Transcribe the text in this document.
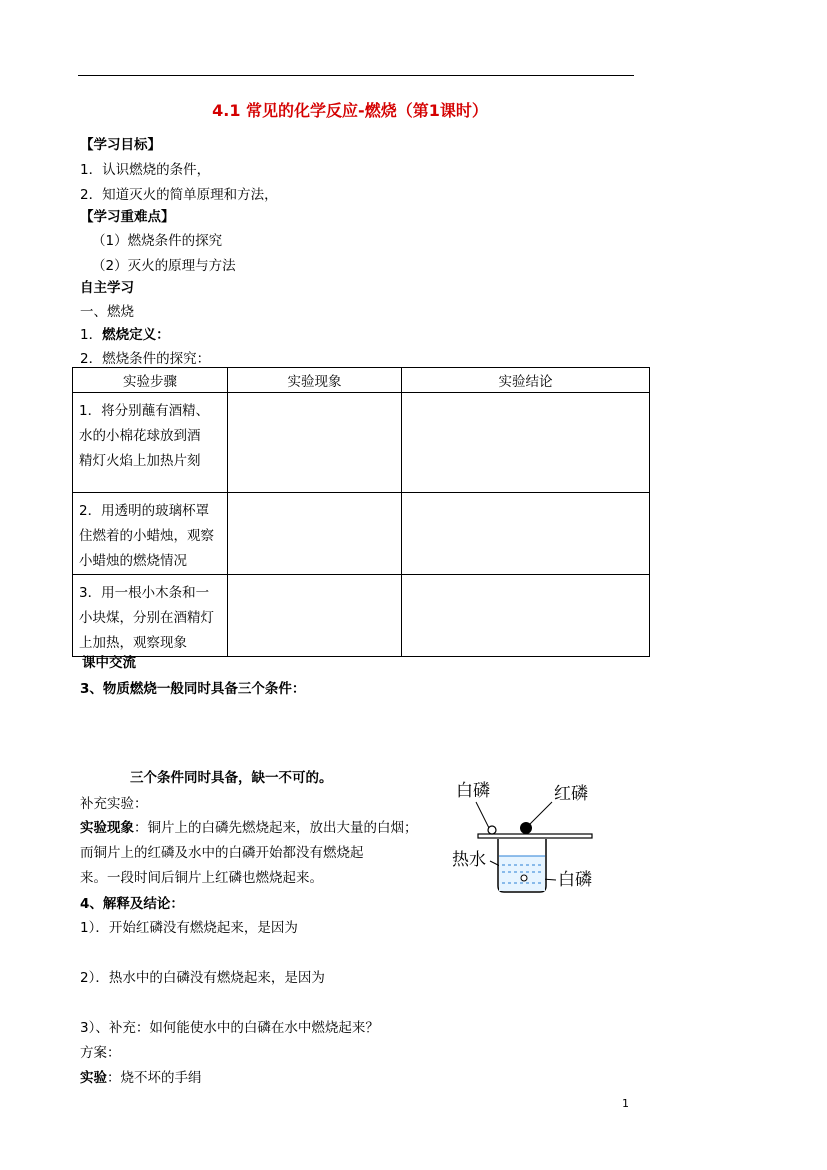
4.1 常见的化学反应-燃烧（第1课时）
【学习目标】
1．认识燃烧的条件，
2．知道灭火的简单原理和方法，
【学习重难点】
（1）燃烧条件的探究
（2）灭火的原理与方法
自主学习
一、燃烧
1．燃烧定义：
2．燃烧条件的探究：
实验步骤	实验现象	实验结论

1．将分别蘸有酒精、
水的小棉花球放到酒
精灯火焰上加热片刻		

2．用透明的玻璃杯罩
住燃着的小蜡烛，观察
小蜡烛的燃烧情况		

3．用一根小木条和一
小块煤，分别在酒精灯
上加热，观察现象		

课中交流
3、物质燃烧一般同时具备三个条件：
三个条件同时具备，缺一不可的。
补充实验：
实验现象：铜片上的白磷先燃烧起来，放出大量的白烟；
而铜片上的红磷及水中的白磷开始都没有燃烧起
来。一段时间后铜片上红磷也燃烧起来。
白磷	红磷
热水
白磷
4、解释及结论：
1）．开始红磷没有燃烧起来，是因为
2）．热水中的白磷没有燃烧起来，是因为
3）、补充：如何能使水中的白磷在水中燃烧起来？
方案：
实验：烧不坏的手绢
1
